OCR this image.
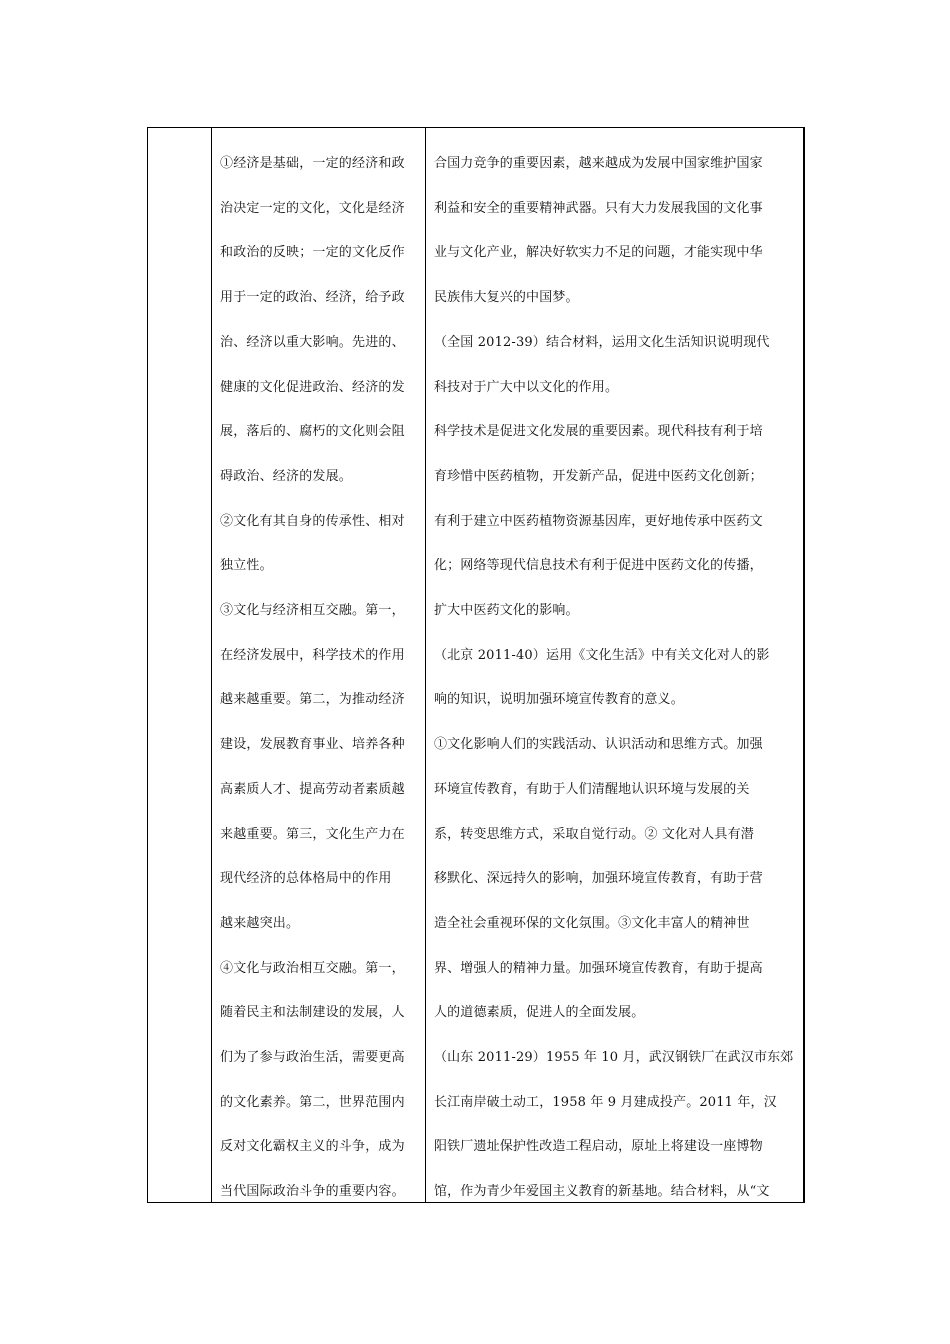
①经济是基础，一定的经济和政

治决定一定的文化，文化是经济

和政治的反映；一定的文化反作

用于一定的政治、经济，给予政

治、经济以重大影响。先进的、

健康的文化促进政治、经济的发

展，落后的、腐朽的文化则会阻

碍政治、经济的发展。

②文化有其自身的传承性、相对

独立性。

③文化与经济相互交融。第一，

在经济发展中，科学技术的作用

越来越重要。第二，为推动经济

建设，发展教育事业、培养各种

高素质人才、提高劳动者素质越

来越重要。第三，文化生产力在

现代经济的总体格局中的作用

越来越突出。

④文化与政治相互交融。第一，

随着民主和法制建设的发展，人

们为了参与政治生活，需要更高

的文化素养。第二，世界范围内

反对文化霸权主义的斗争，成为

当代国际政治斗争的重要内容。

合国力竞争的重要因素，越来越成为发展中国家维护国家

利益和安全的重要精神武器。只有大力发展我国的文化事

业与文化产业，解决好软实力不足的问题，才能实现中华

民族伟大复兴的中国梦。

（全国 2012-39）结合材料，运用文化生活知识说明现代

科技对于广大中以文化的作用。

科学技术是促进文化发展的重要因素。现代科技有利于培

育珍惜中医药植物，开发新产品，促进中医药文化创新；

有利于建立中医药植物资源基因库，更好地传承中医药文

化；网络等现代信息技术有利于促进中医药文化的传播，

扩大中医药文化的影响。

（北京 2011-40）运用《文化生活》中有关文化对人的影

响的知识，说明加强环境宣传教育的意义。

①文化影响人们的实践活动、认识活动和思维方式。加强

环境宣传教育，有助于人们清醒地认识环境与发展的关

系，转变思维方式，采取自觉行动。② 文化对人具有潜

移默化、深远持久的影响，加强环境宣传教育，有助于营

造全社会重视环保的文化氛围。③文化丰富人的精神世

界、增强人的精神力量。加强环境宣传教育，有助于提高

人的道德素质，促进人的全面发展。

（山东 2011-29）1955 年 10 月，武汉钢铁厂在武汉市东郊

长江南岸破土动工，1958 年 9 月建成投产。2011 年，汉

阳铁厂遗址保护性改造工程启动，原址上将建设一座博物

馆，作为青少年爱国主义教育的新基地。结合材料，从“文
